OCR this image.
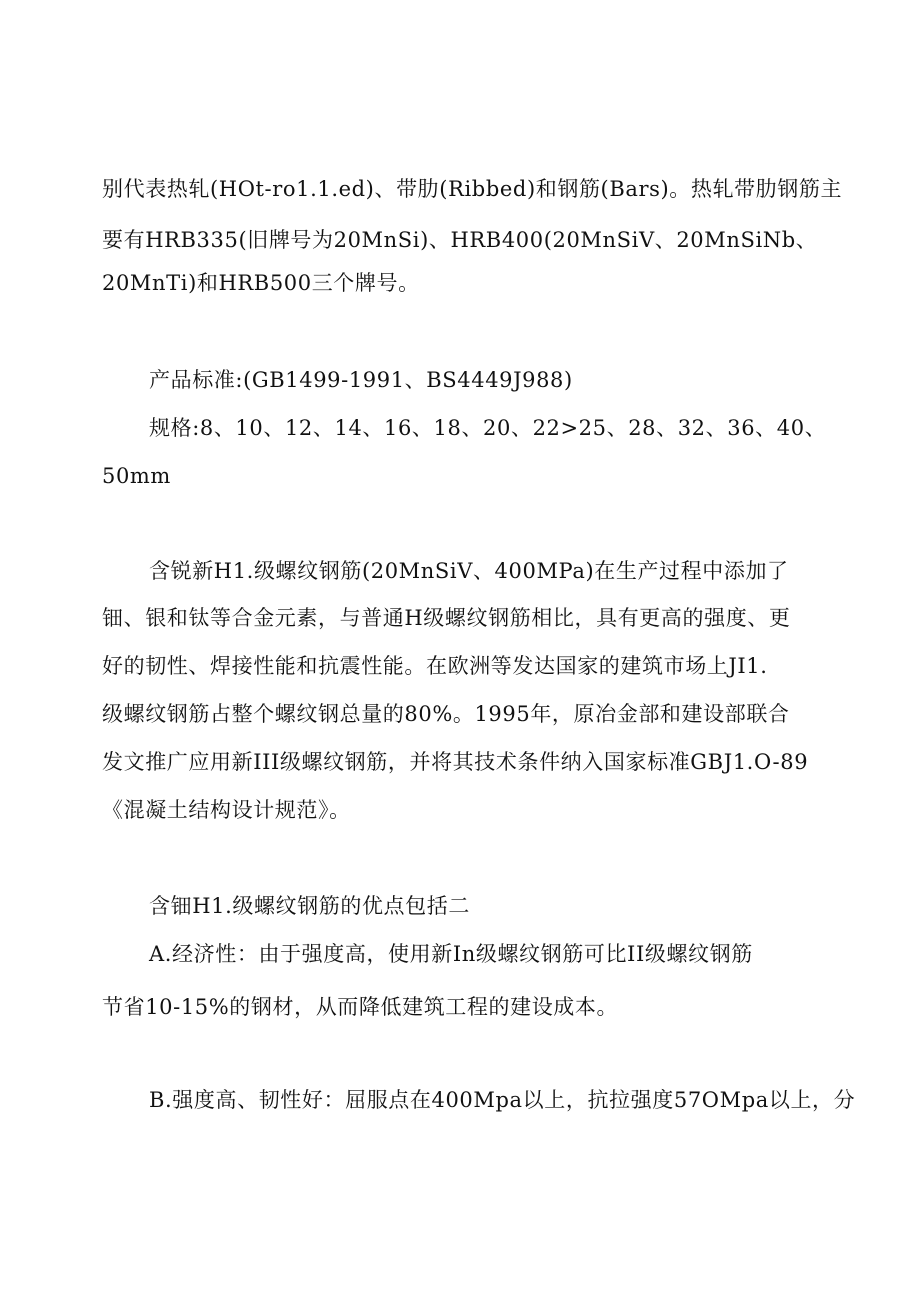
别代表热轧(HOt-ro1.1.ed)、带肋(Ribbed)和钢筋(Bars)。热轧带肋钢筋主
要有HRB335(旧牌号为20MnSi)、HRB400(20MnSiV、20MnSiNb、
20MnTi)和HRB500三个牌号。
产品标准:(GB1499-1991、BS4449J988)
规格:8、10、12、14、16、18、20、22>25、28、32、36、40、
50mm
含锐新H1.级螺纹钢筋(20MnSiV、400MPa)在生产过程中添加了
钿、银和钛等合金元素，与普通H级螺纹钢筋相比，具有更高的强度、更
好的韧性、焊接性能和抗震性能。在欧洲等发达国家的建筑市场上JI1.
级螺纹钢筋占整个螺纹钢总量的80%。1995年，原冶金部和建设部联合
发文推广应用新III级螺纹钢筋，并将其技术条件纳入国家标准GBJ1.O-89
《混凝土结构设计规范》。
含钿H1.级螺纹钢筋的优点包括二
A.经济性：由于强度高，使用新In级螺纹钢筋可比II级螺纹钢筋
节省10-15%的钢材，从而降低建筑工程的建设成本。
B.强度高、韧性好：屈服点在400Mpa以上，抗拉强度57OMpa以上，分
